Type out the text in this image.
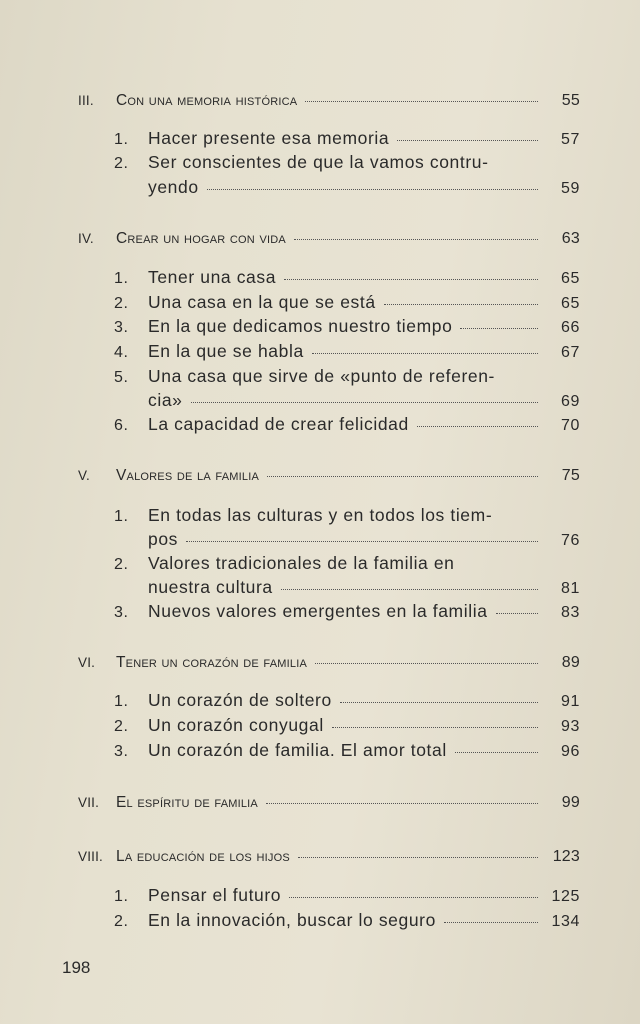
III.	Con una memoria histórica	55
1.	Hacer presente esa memoria	57
2.	Ser conscientes de que la vamos contru-
yendo	59
IV.	Crear un hogar con vida	63
1.	Tener una casa	65
2.	Una casa en la que se está	65
3.	En la que dedicamos nuestro tiempo	66
4.	En la que se habla	67
5.	Una casa que sirve de «punto de referen-
cia»	69
6.	La capacidad de crear felicidad	70
V.	Valores de la familia	75
1.	En todas las culturas y en todos los tiem-
pos	76
2.	Valores tradicionales de la familia en
nuestra cultura	81
3.	Nuevos valores emergentes en la familia	83
VI.	Tener un corazón de familia	89
1.	Un corazón de soltero	91
2.	Un corazón conyugal	93
3.	Un corazón de familia. El amor total	96
VII.	El espíritu de familia	99
VIII. La educación de los hijos	123
1.	Pensar el futuro	125
2.	En la innovación, buscar lo seguro	134
198
